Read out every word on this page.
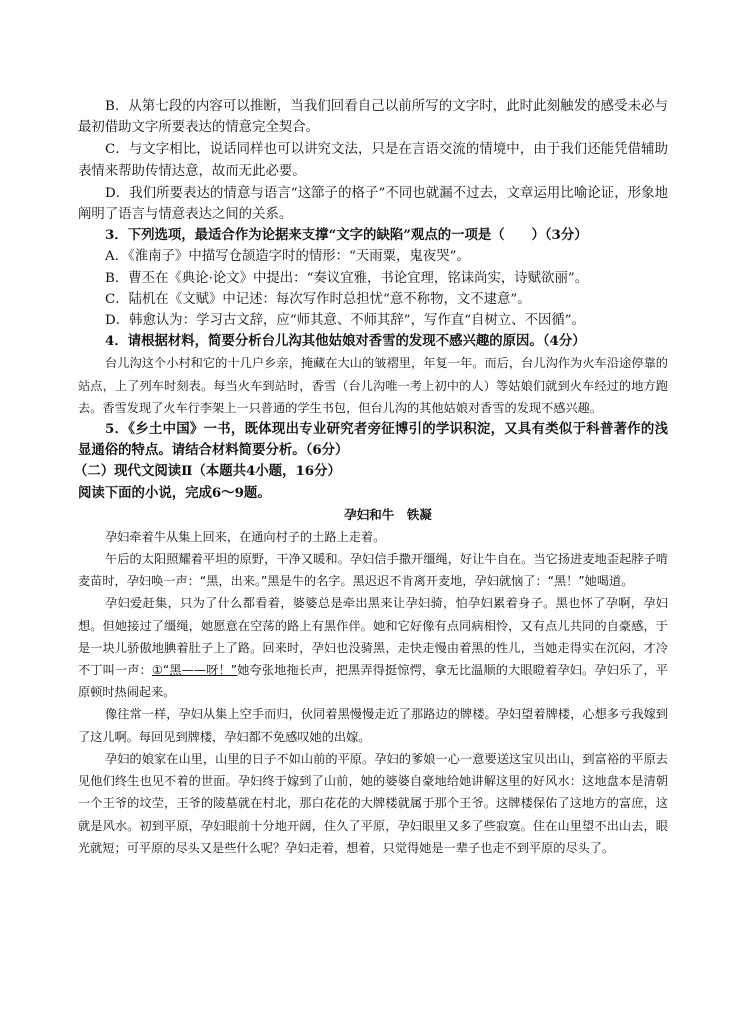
B．从第七段的内容可以推断，当我们回看自己以前所写的文字时，此时此刻触发的感受未必与最初借助文字所要表达的情意完全契合。

C．与文字相比，说话同样也可以讲究文法，只是在言语交流的情境中，由于我们还能凭借辅助表情来帮助传情达意，故而无此必要。

D．我们所要表达的情意与语言“这篰子的格子”不同也就漏不过去，文章运用比喻论证，形象地阐明了语言与情意表达之间的关系。

3．下列选项，最适合作为论据来支撑“文字的缺陷”观点的一项是（　　）（3分）

A．《淮南子》中描写仓颉造字时的情形：“天雨粟，鬼夜哭”。

B．曹丕在《典论·论文》中提出：“奏议宜雅，书论宜理，铭诔尚实，诗赋欲丽”。

C．陆机在《文赋》中记述：每次写作时总担忧“意不称物，文不逮意”。

D．韩愈认为：学习古文辞，应“师其意、不师其辞”，写作直“自树立、不因循”。

4．请根据材料，简要分析台儿沟其他姑娘对香雪的发现不感兴趣的原因。（4分）

台儿沟这个小村和它的十几户乡亲，掩藏在大山的皱褶里，年复一年。而后，台儿沟作为火车沿途停靠的站点，上了列车时刻表。每当火车到站时，香雪（台儿沟唯一考上初中的人）等姑娘们就到火车经过的地方跑去。香雪发现了火车行李架上一只普通的学生书包，但台儿沟的其他姑娘对香雪的发现不感兴趣。

5．《乡土中国》一书，既体现出专业研究者旁征博引的学识积淀，又具有类似于科普著作的浅显通俗的特点。请结合材料简要分析。（6分）

（二）现代文阅读Ⅱ（本题共4小题，16分）

阅读下面的小说，完成6～9题。

孕妇和牛　铁凝

孕妇牵着牛从集上回来，在通向村子的土路上走着。

午后的太阳照耀着平坦的原野，干净又暖和。孕妇信手撒开缰绳，好让牛自在。当它扬进麦地歪起脖子啃麦苗时，孕妇唤一声：“黑，出来。”黑是牛的名字。黑迟迟不肯离开麦地，孕妇就恼了：“黑！”她喝道。

孕妇爱赶集，只为了什么都看着，婆婆总是牵出黑来让孕妇骑，怕孕妇累着身子。黑也怀了孕啊，孕妇想。但她接过了缰绳，她愿意在空荡的路上有黑作伴。她和它好像有点同病相怜，又有点儿共同的自豪感，于是一块儿骄傲地腆着肚子上了路。回来时，孕妇也没骑黑，走快走慢由着黑的性儿，当她走得实在沉闷，才冷不丁叫一声：①“黑——呀！”她夸张地拖长声，把黑弄得挺惊愕，拿无比温顺的大眼瞪着孕妇。孕妇乐了，平原顿时热闹起来。

像往常一样，孕妇从集上空手而归，伙同着黑慢慢走近了那路边的牌楼。孕妇望着牌楼，心想多亏我嫁到了这儿啊。每回见到牌楼，孕妇都不免感叹她的出嫁。

孕妇的娘家在山里，山里的日子不如山前的平原。孕妇的爹娘一心一意要送这宝贝出山，到富裕的平原去见他们终生也见不着的世面。孕妇终于嫁到了山前，她的婆婆自豪地给她讲解这里的好风水：这地盘本是清朝一个王爷的坟茔，王爷的陵墓就在村北，那白花花的大牌楼就属于那个王爷。这牌楼保佑了这地方的富庶，这就是风水。初到平原，孕妇眼前十分地开阔，住久了平原，孕妇眼里又多了些寂寞。住在山里望不出山去，眼光就短；可平原的尽头又是些什么呢？孕妇走着，想着，只觉得她是一辈子也走不到平原的尽头了。
